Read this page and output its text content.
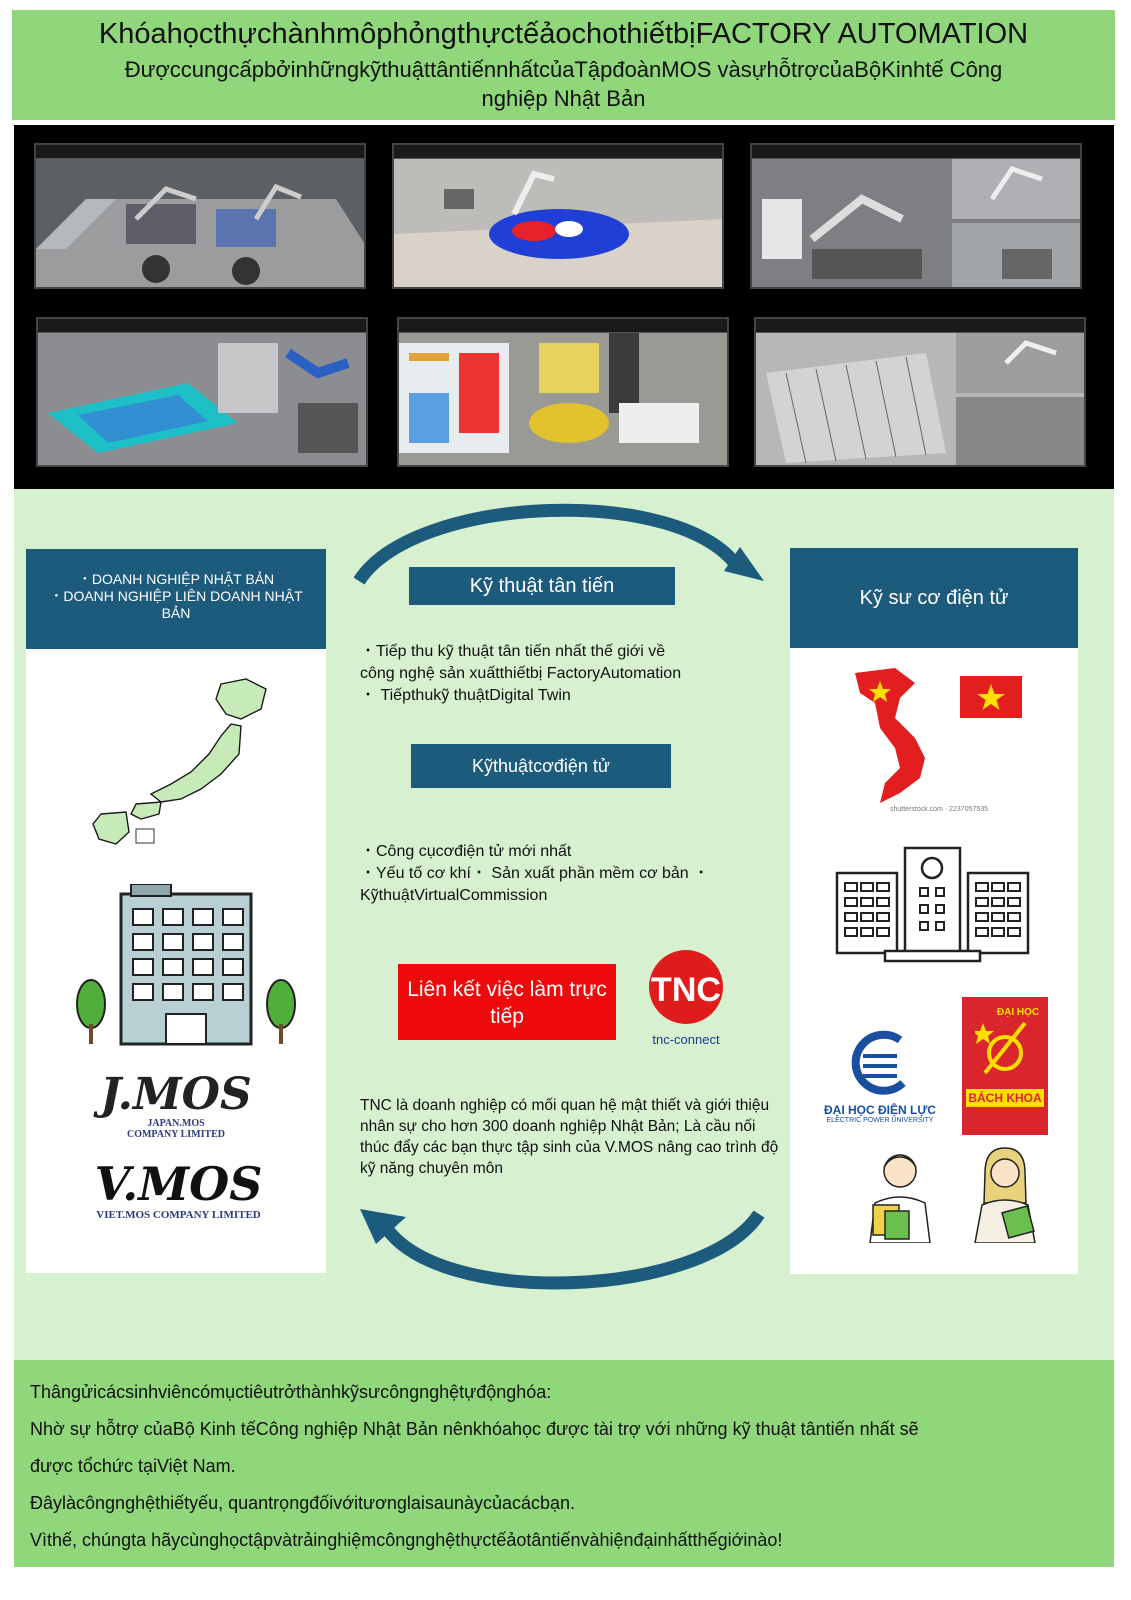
KhóahọcthựchànhmôphỏngthựctếảochothiếtbịFACTORY AUTOMATION
ĐượccungcấpbởinhữngkỹthuậttântiếnnhấtcủaTậpđoànMOS vàsựhỗtrợcủaBộKinhtế Công nghiệp Nhật Bản
・DOANH NGHIỆP NHẬT BẢN
・DOANH NGHIỆP LIÊN DOANH NHẬT BẢN
J.MOS
JAPAN.MOS
COMPANY LIMITED
V.MOS
VIET.MOS COMPANY LIMITED
Kỹ thuật tân tiến
・Tiếp thu kỹ thuật tân tiến nhất thế giới về
công nghệ sản xuấtthiếtbị FactoryAutomation
・ Tiếpthukỹ thuậtDigital Twin
Kỹthuậtcơđiện tử
・Công cụcơđiện tử mới nhất
・Yếu tố cơ khí・ Sản xuất phần mềm cơ bản ・
KỹthuậtVirtualCommission
Liên kết việc làm trực tiếp
TNC
tnc-connect
TNC là doanh nghiệp có mối quan hệ mật thiết và giới thiệu nhân sự cho hơn 300 doanh nghiệp Nhật Bản; Là cầu nối thúc đẩy các bạn thực tập sinh của V.MOS nâng cao trình độ kỹ năng chuyên môn
Kỹ sư cơ điện tử
shutterstock.com · 2237057535
ĐẠI HỌC ĐIỆN LỰC
ELECTRIC POWER UNIVERSITY
ĐẠI HỌC
BÁCH KHOA

Thângửicácsinhviêncómụctiêutrởthànhkỹsưcôngnghệtựđộnghóa:

Nhờ sự hỗtrợ củaBộ Kinh tếCông nghiệp Nhật Bản nênkhóahọc được tài trợ với những kỹ thuật tântiến nhất sẽ

được tổchức tạiViệt Nam.

Đâylàcôngnghệthiếtyếu, quantrọngđốivớitươnglaisaunàycủacácbạn.

Vìthế, chúngta hãycùnghọctậpvàtrảinghiệmcôngnghệthựctếảotântiếnvàhiệnđạinhấtthếgiớinào!
